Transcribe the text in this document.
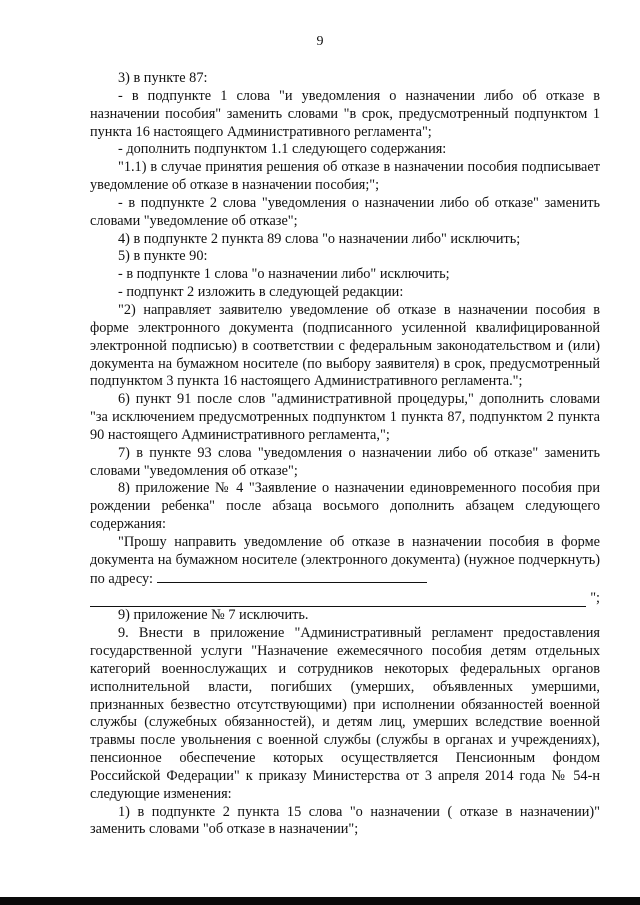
9

3) в пункте 87:

- в подпункте 1 слова "и уведомления о назначении либо об отказе в назначении пособия" заменить словами "в срок, предусмотренный подпунктом 1 пункта 16 настоящего Административного регламента";

- дополнить подпунктом 1.1 следующего содержания:

"1.1) в случае принятия решения об отказе в назначении пособия подписывает уведомление об отказе в назначении пособия;";

- в подпункте 2 слова "уведомления о назначении либо об отказе" заменить словами "уведомление об отказе";

4) в подпункте 2 пункта 89 слова "о назначении либо" исключить;

5) в пункте 90:

- в подпункте 1 слова "о назначении либо" исключить;

- подпункт 2 изложить в следующей редакции:

"2) направляет заявителю уведомление об отказе в назначении пособия в форме электронного документа (подписанного усиленной квалифицированной электронной подписью) в соответствии с федеральным законодательством и (или) документа на бумажном носителе (по выбору заявителя) в срок, предусмотренный подпунктом 3 пункта 16 настоящего Административного регламента.";

6) пункт 91 после слов "административной процедуры," дополнить словами "за исключением предусмотренных подпунктом 1 пункта 87, подпунктом 2 пункта 90 настоящего Административного регламента,";

7) в пункте 93 слова "уведомления о назначении либо об отказе" заменить словами "уведомления об отказе";

8) приложение № 4 "Заявление о назначении единовременного пособия при рождении ребенка" после абзаца восьмого дополнить абзацем следующего содержания:

"Прошу направить уведомление об отказе в назначении пособия в форме документа на бумажном носителе (электронного документа) (нужное подчеркнуть) по адресу:

";

9) приложение № 7 исключить.

9. Внести в приложение "Административный регламент предоставления государственной услуги "Назначение ежемесячного пособия детям отдельных категорий военнослужащих и сотрудников некоторых федеральных органов исполнительной власти, погибших (умерших, объявленных умершими, признанных безвестно отсутствующими) при исполнении обязанностей военной службы (служебных обязанностей), и детям лиц, умерших вследствие военной травмы после увольнения с военной службы (службы в органах и учреждениях), пенсионное обеспечение которых осуществляется Пенсионным фондом Российской Федерации" к приказу Министерства от 3 апреля 2014 года № 54-н следующие изменения:

1) в подпункте 2 пункта 15 слова "о назначении ( отказе в назначении)" заменить словами "об отказе в назначении";
